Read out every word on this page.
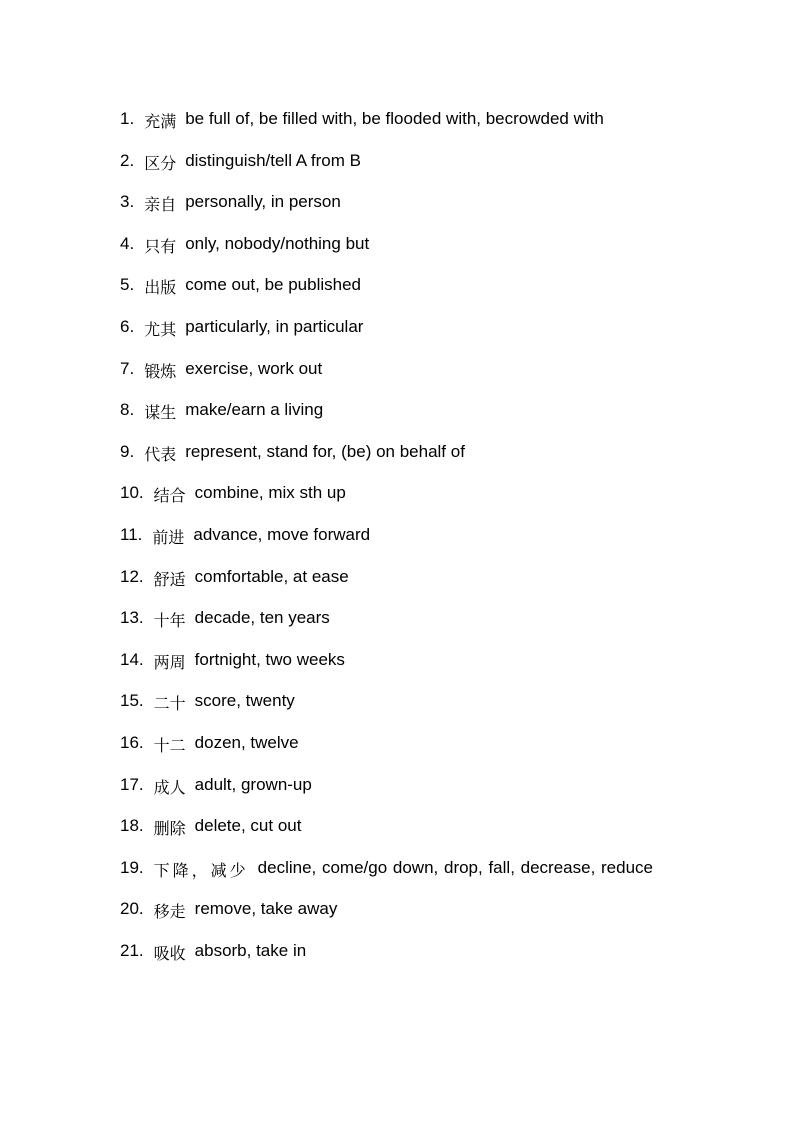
1. 充满 be full of, be filled with, be flooded with, becrowded with
2. 区分 distinguish/tell A from B
3. 亲自 personally, in person
4. 只有 only, nobody/nothing but
5. 出版 come out, be published
6. 尤其 particularly, in particular
7. 锻炼 exercise, work out
8. 谋生 make/earn a living
9. 代表 represent, stand for, (be) on behalf of
10. 结合 combine, mix sth up
11. 前进 advance, move forward
12. 舒适 comfortable, at ease
13. 十年 decade, ten years
14. 两周 fortnight, two weeks
15. 二十 score, twenty
16. 十二 dozen, twelve
17. 成人 adult, grown-up
18. 删除 delete, cut out
19. 下降，减少 decline, come/go down, drop, fall, decrease, reduce
20. 移走 remove, take away
21. 吸收 absorb, take in
